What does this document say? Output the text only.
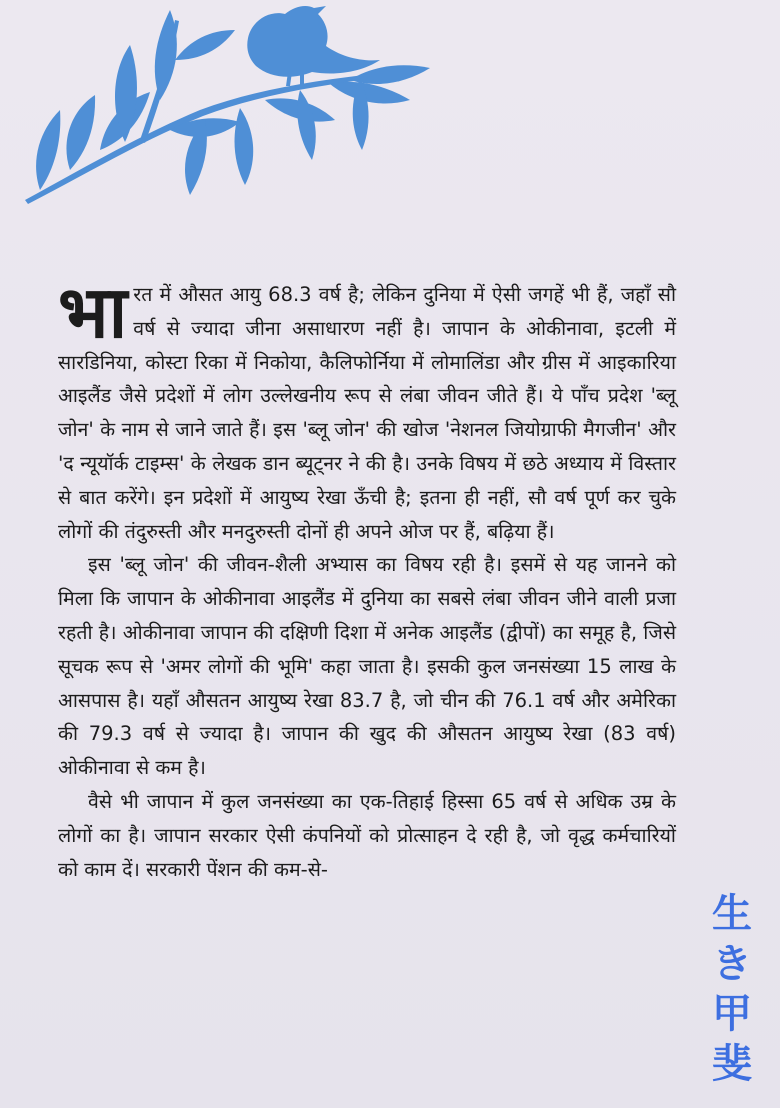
भारत में औसत आयु 68.3 वर्ष है; लेकिन दुनिया में ऐसी जगहें भी हैं, जहाँ सौ वर्ष से ज्यादा जीना असाधारण नहीं है। जापान के ओकीनावा, इटली में सारडिनिया, कोस्टा रिका में निकोया, कैलिफोर्निया में लोमालिंडा और ग्रीस में आइकारिया आइलैंड जैसे प्रदेशों में लोग उल्लेखनीय रूप से लंबा जीवन जीते हैं। ये पाँच प्रदेश 'ब्लू जोन' के नाम से जाने जाते हैं। इस 'ब्लू जोन' की खोज 'नेशनल जियोग्राफी मैगजीन' और 'द न्यूयॉर्क टाइम्स' के लेखक डान ब्यूट्नर ने की है। उनके विषय में छठे अध्याय में विस्तार से बात करेंगे। इन प्रदेशों में आयुष्य रेखा ऊँची है; इतना ही नहीं, सौ वर्ष पूर्ण कर चुके लोगों की तंदुरुस्ती और मनदुरुस्ती दोनों ही अपने ओज पर हैं, बढ़िया हैं।

इस 'ब्लू जोन' की जीवन-शैली अभ्यास का विषय रही है। इसमें से यह जानने को मिला कि जापान के ओकीनावा आइलैंड में दुनिया का सबसे लंबा जीवन जीने वाली प्रजा रहती है। ओकीनावा जापान की दक्षिणी दिशा में अनेक आइलैंड (द्वीपों) का समूह है, जिसे सूचक रूप से 'अमर लोगों की भूमि' कहा जाता है। इसकी कुल जनसंख्या 15 लाख के आसपास है। यहाँ औसतन आयुष्य रेखा 83.7 है, जो चीन की 76.1 वर्ष और अमेरिका की 79.3 वर्ष से ज्यादा है। जापान की खुद की औसतन आयुष्य रेखा (83 वर्ष) ओकीनावा से कम है।

वैसे भी जापान में कुल जनसंख्या का एक-तिहाई हिस्सा 65 वर्ष से अधिक उम्र के लोगों का है। जापान सरकार ऐसी कंपनियों को प्रोत्साहन दे रही है, जो वृद्ध कर्मचारियों को काम दें। सरकारी पेंशन की कम-से-

生
き
甲
斐
